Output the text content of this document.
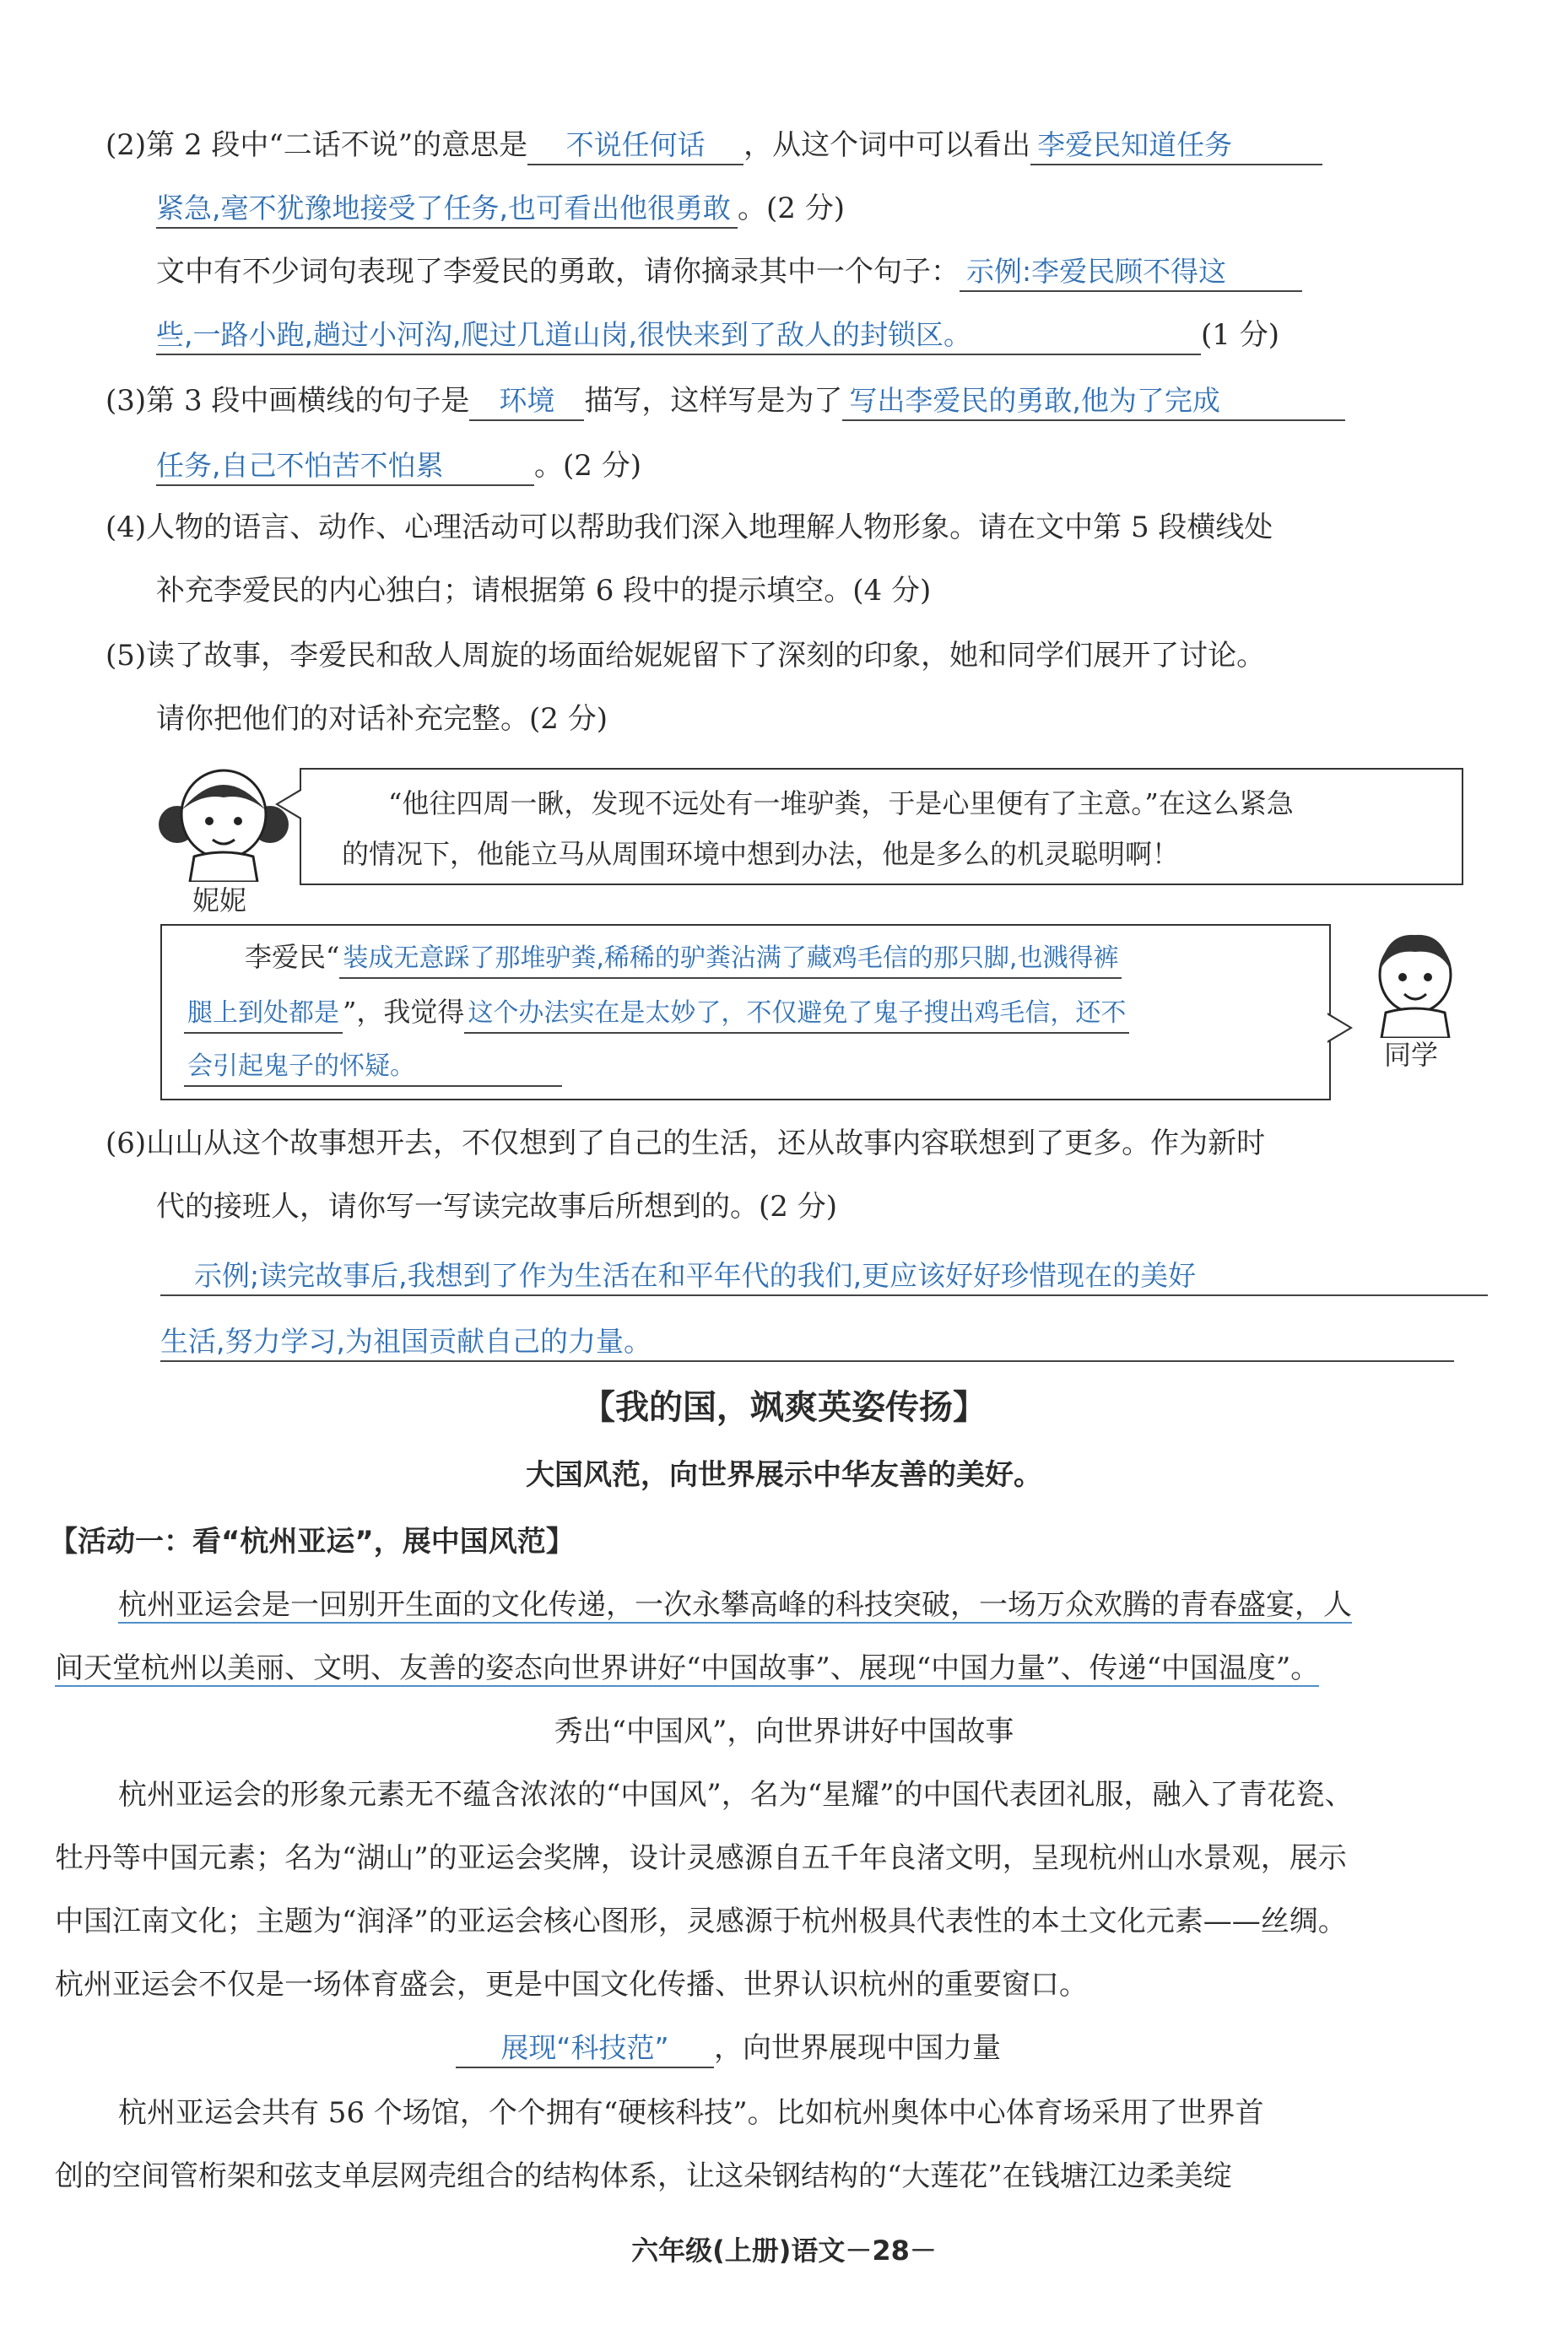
(2)第 2 段中“二话不说”的意思是 不说任何话 ，从这个词中可以看出 李爱民知道任务
紧急,毫不犹豫地接受了任务,也可看出他很勇敢 。(2 分)
文中有不少词句表现了李爱民的勇敢，请你摘录其中一个句子： 示例:李爱民顾不得这
些,一路小跑,趟过小河沟,爬过几道山岗,很快来到了敌人的封锁区。	(1 分)
(3)第 3 段中画横线的句子是 环境 描写，这样写是为了 写出李爱民的勇敢,他为了完成
任务,自己不怕苦不怕累	。(2 分)
(4)人物的语言、动作、心理活动可以帮助我们深入地理解人物形象。请在文中第 5 段横线处
补充李爱民的内心独白；请根据第 6 段中的提示填空。(4 分)
(5)读了故事，李爱民和敌人周旋的场面给妮妮留下了深刻的印象，她和同学们展开了讨论。
请你把他们的对话补充完整。(2 分)
妮妮
“他往四周一瞅，发现不远处有一堆驴粪，于是心里便有了主意。”在这么紧急
的情况下，他能立马从周围环境中想到办法，他是多么的机灵聪明啊！
李爱民“ 装成无意踩了那堆驴粪,稀稀的驴粪沾满了藏鸡毛信的那只脚,也溅得裤
腿上到处都是 ”，我觉得 这个办法实在是太妙了，不仅避免了鬼子搜出鸡毛信，还不
会引起鬼子的怀疑。	同学
(6)山山从这个故事想开去，不仅想到了自己的生活，还从故事内容联想到了更多。作为新时
代的接班人，请你写一写读完故事后所想到的。(2 分)
示例;读完故事后,我想到了作为生活在和平年代的我们,更应该好好珍惜现在的美好
生活,努力学习,为祖国贡献自己的力量。
【我的国，飒爽英姿传扬】
大国风范，向世界展示中华友善的美好。
【活动一：看“杭州亚运”，展中国风范】
杭州亚运会是一回别开生面的文化传递，一次永攀高峰的科技突破，一场万众欢腾的青春盛宴，人
间天堂杭州以美丽、文明、友善的姿态向世界讲好“中国故事”、展现“中国力量”、传递“中国温度”。
秀出“中国风”，向世界讲好中国故事
杭州亚运会的形象元素无不蕴含浓浓的“中国风”，名为“星耀”的中国代表团礼服，融入了青花瓷、
牡丹等中国元素；名为“湖山”的亚运会奖牌，设计灵感源自五千年良渚文明，呈现杭州山水景观，展示
中国江南文化；主题为“润泽”的亚运会核心图形，灵感源于杭州极具代表性的本土文化元素——丝绸。
杭州亚运会不仅是一场体育盛会，更是中国文化传播、世界认识杭州的重要窗口。
展现“科技范” ，向世界展现中国力量
杭州亚运会共有 56 个场馆，个个拥有“硬核科技”。比如杭州奥体中心体育场采用了世界首
创的空间管桁架和弦支单层网壳组合的结构体系，让这朵钢结构的“大莲花”在钱塘江边柔美绽
六年级(上册)语文－28－
